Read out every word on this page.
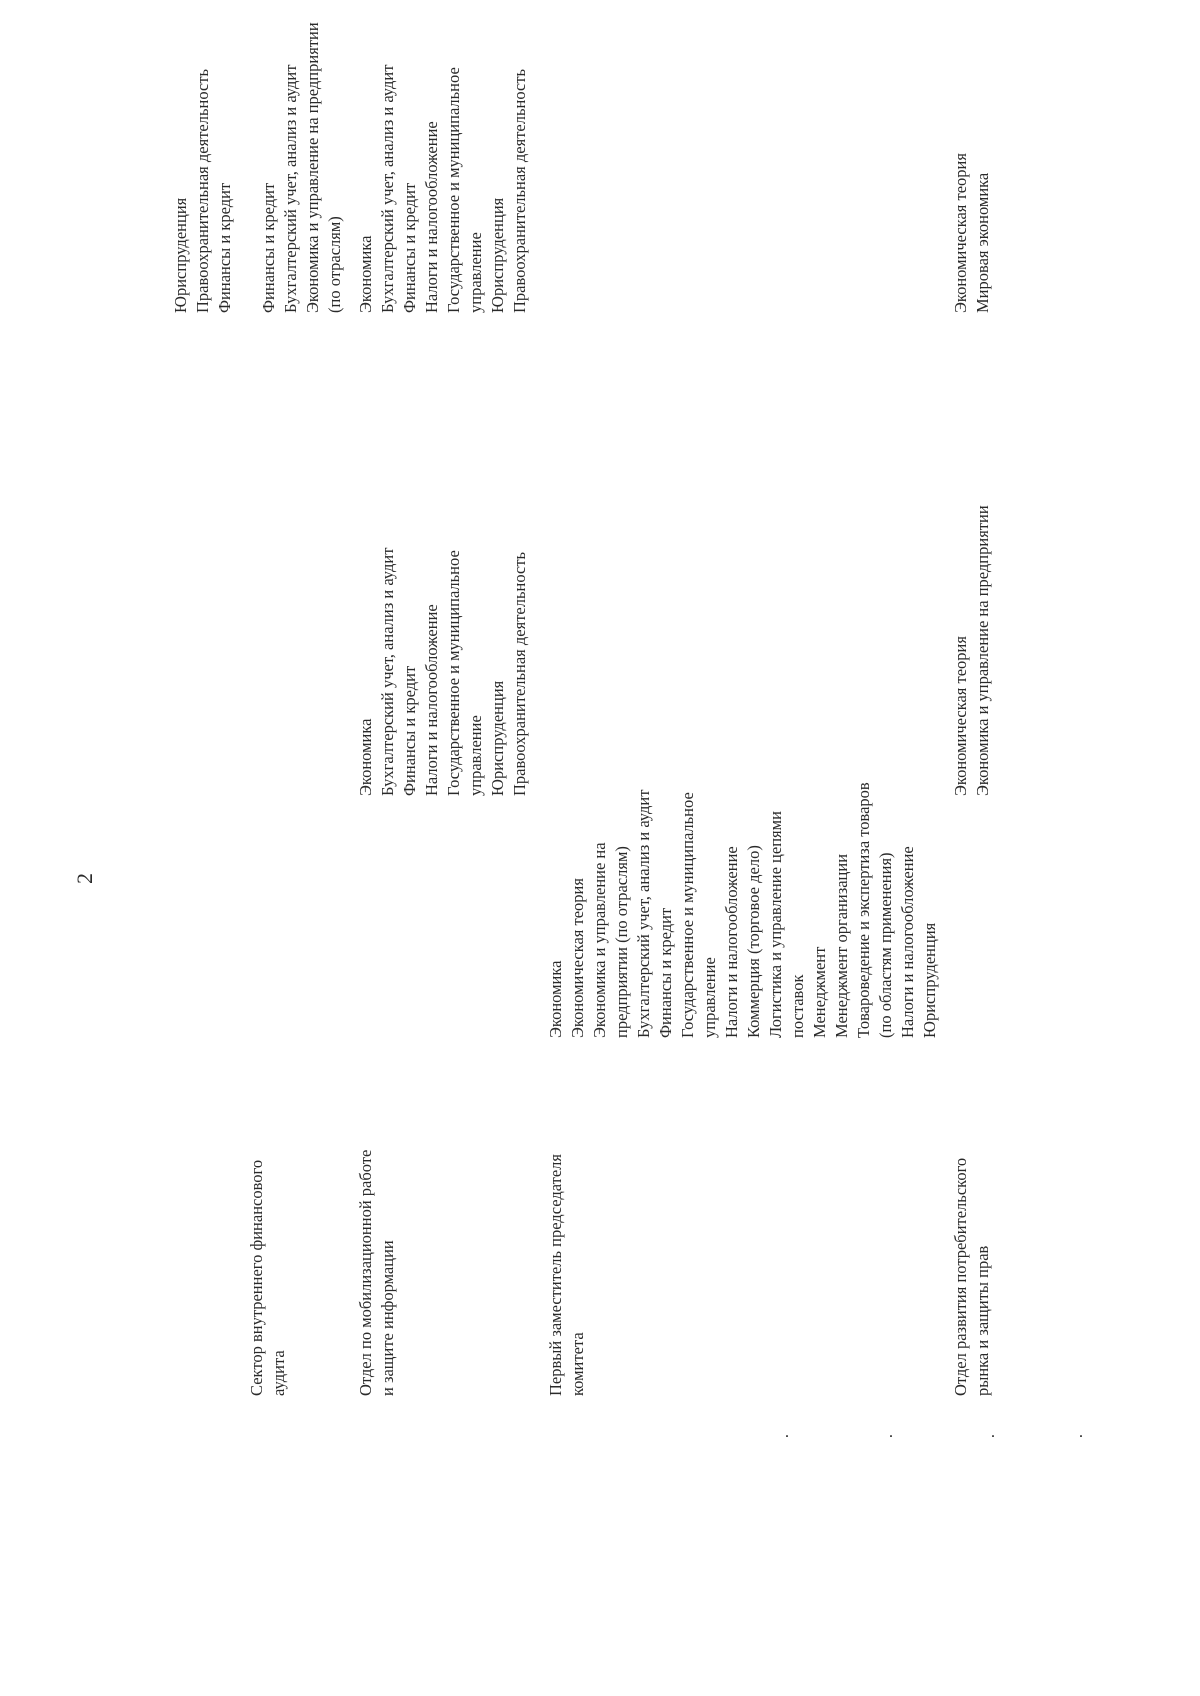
2
.
Сектор внутреннего финансового аудита
Юриспруденция Правоохранительная деятельность Финансы и кредит Финансы и кредит Бухгалтерский учет, анализ и аудит Экономика и управление на предприятии (по отраслям)
.
Отдел по мобилизационной работе и защите информации
Экономика Бухгалтерский учет, анализ и аудит Финансы и кредит Налоги и налогообложение Государственное и муниципальное управление Юриспруденция Правоохранительная деятельность
Экономика Бухгалтерский учет, анализ и аудит Финансы и кредит Налоги и налогообложение Государственное и муниципальное управление Юриспруденция Правоохранительная деятельность
.
Первый заместитель председателя комитета
Экономика Экономическая теория Экономика и управление на предприятии (по отраслям) Бухгалтерский учет, анализ и аудит Финансы и кредит Государственное и муниципальное управление Налоги и налогообложение Коммерция (торговое дело) Логистика и управление цепями поставок Менеджмент Менеджмент организации Товароведение и экспертиза товаров (по областям применения) Налоги и налогообложение Юриспруденция
.
Отдел развития потребительского рынка и защиты прав
Экономическая теория Экономика и управление на предприятии
Экономическая теория Мировая экономика
